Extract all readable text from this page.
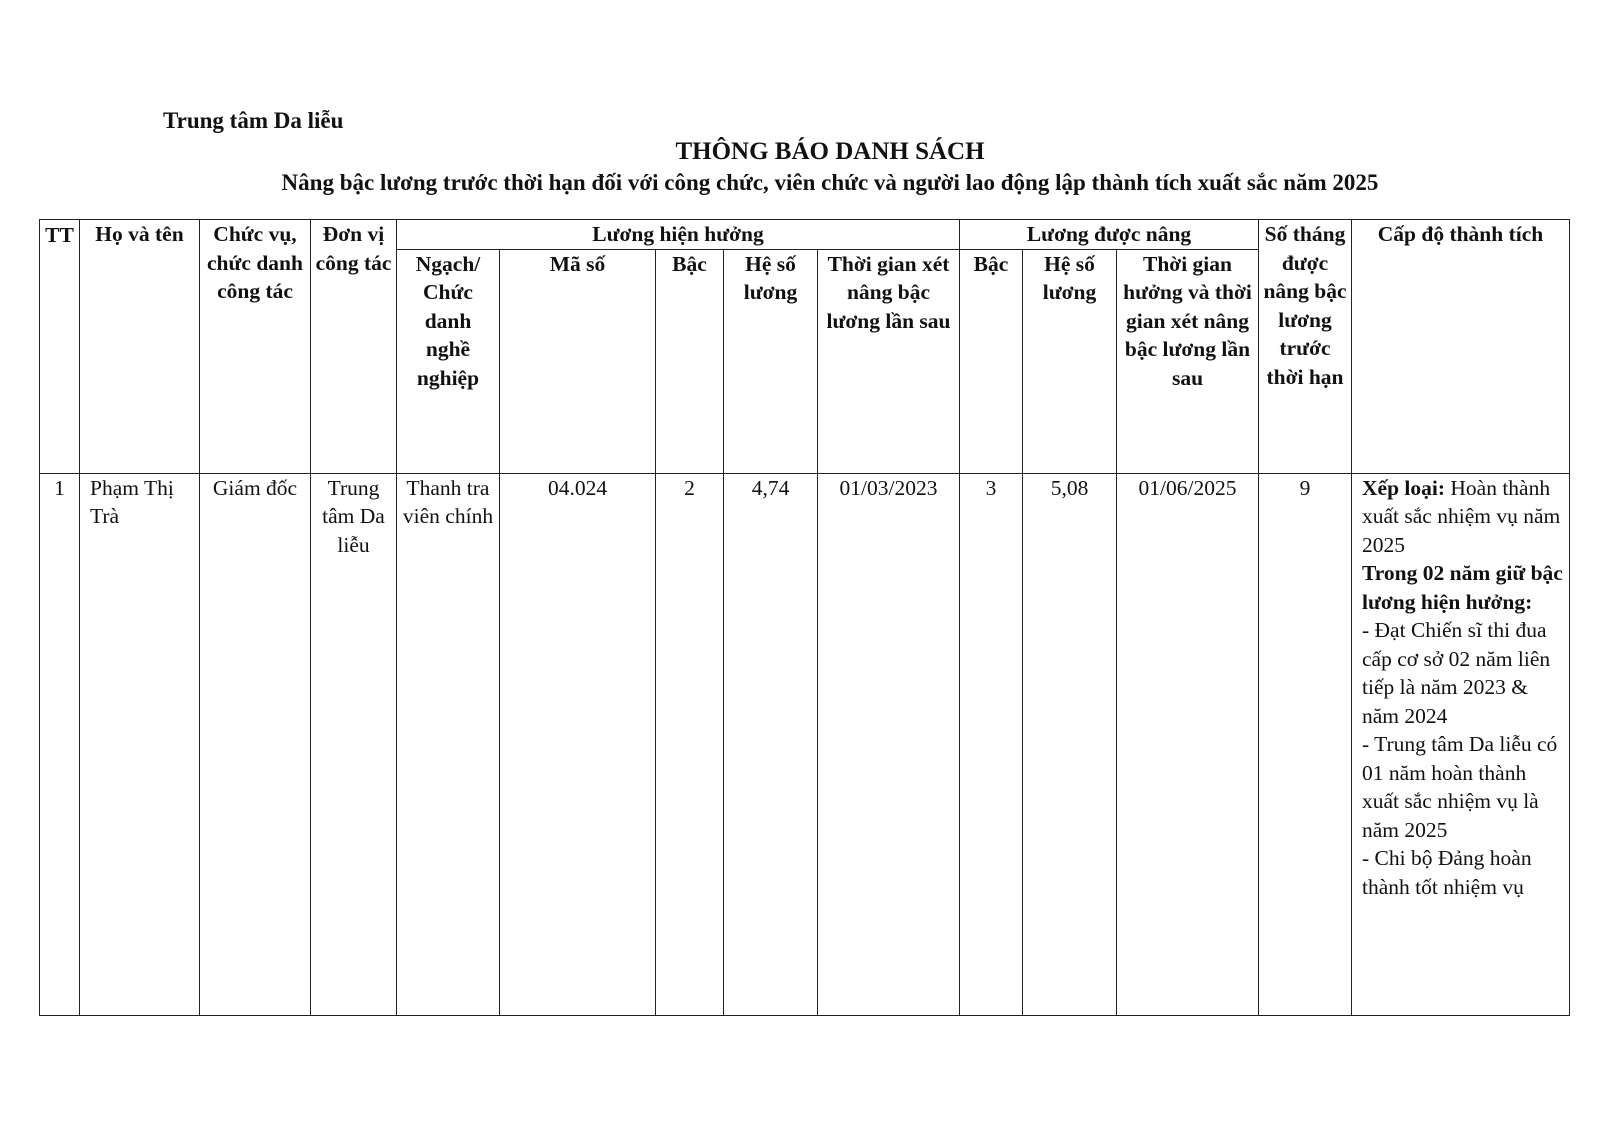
Trung tâm Da liễu
THÔNG BÁO DANH SÁCH
Nâng bậc lương trước thời hạn đối với công chức, viên chức và người lao động lập thành tích xuất sắc năm 2025
TT	Họ và tên	Chức vụ, chức danh công tác	Đơn vị công tác	Lương hiện hưởng					Lương được nâng			Số tháng được nâng bậc lương trước thời hạn	Cấp độ thành tích
				Ngạch/ Chức danh nghề nghiệp	Mã số	Bậc	Hệ số lương	Thời gian xét nâng bậc lương lần sau	Bậc	Hệ số lương	Thời gian hưởng và thời gian xét nâng bậc lương lần sau		
1	Phạm Thị Trà	Giám đốc	Trung tâm Da liễu	Thanh tra viên chính	04.024	2	4,74	01/03/2023	3	5,08	01/06/2025	9	Xếp loại: Hoàn thành xuất sắc nhiệm vụ năm 2025
Trong 02 năm giữ bậc lương hiện hưởng:
- Đạt Chiến sĩ thi đua cấp cơ sở 02 năm liên tiếp là năm 2023 & năm 2024
- Trung tâm Da liễu có 01 năm hoàn thành xuất sắc nhiệm vụ là năm 2025
- Chi bộ Đảng hoàn thành tốt nhiệm vụ
